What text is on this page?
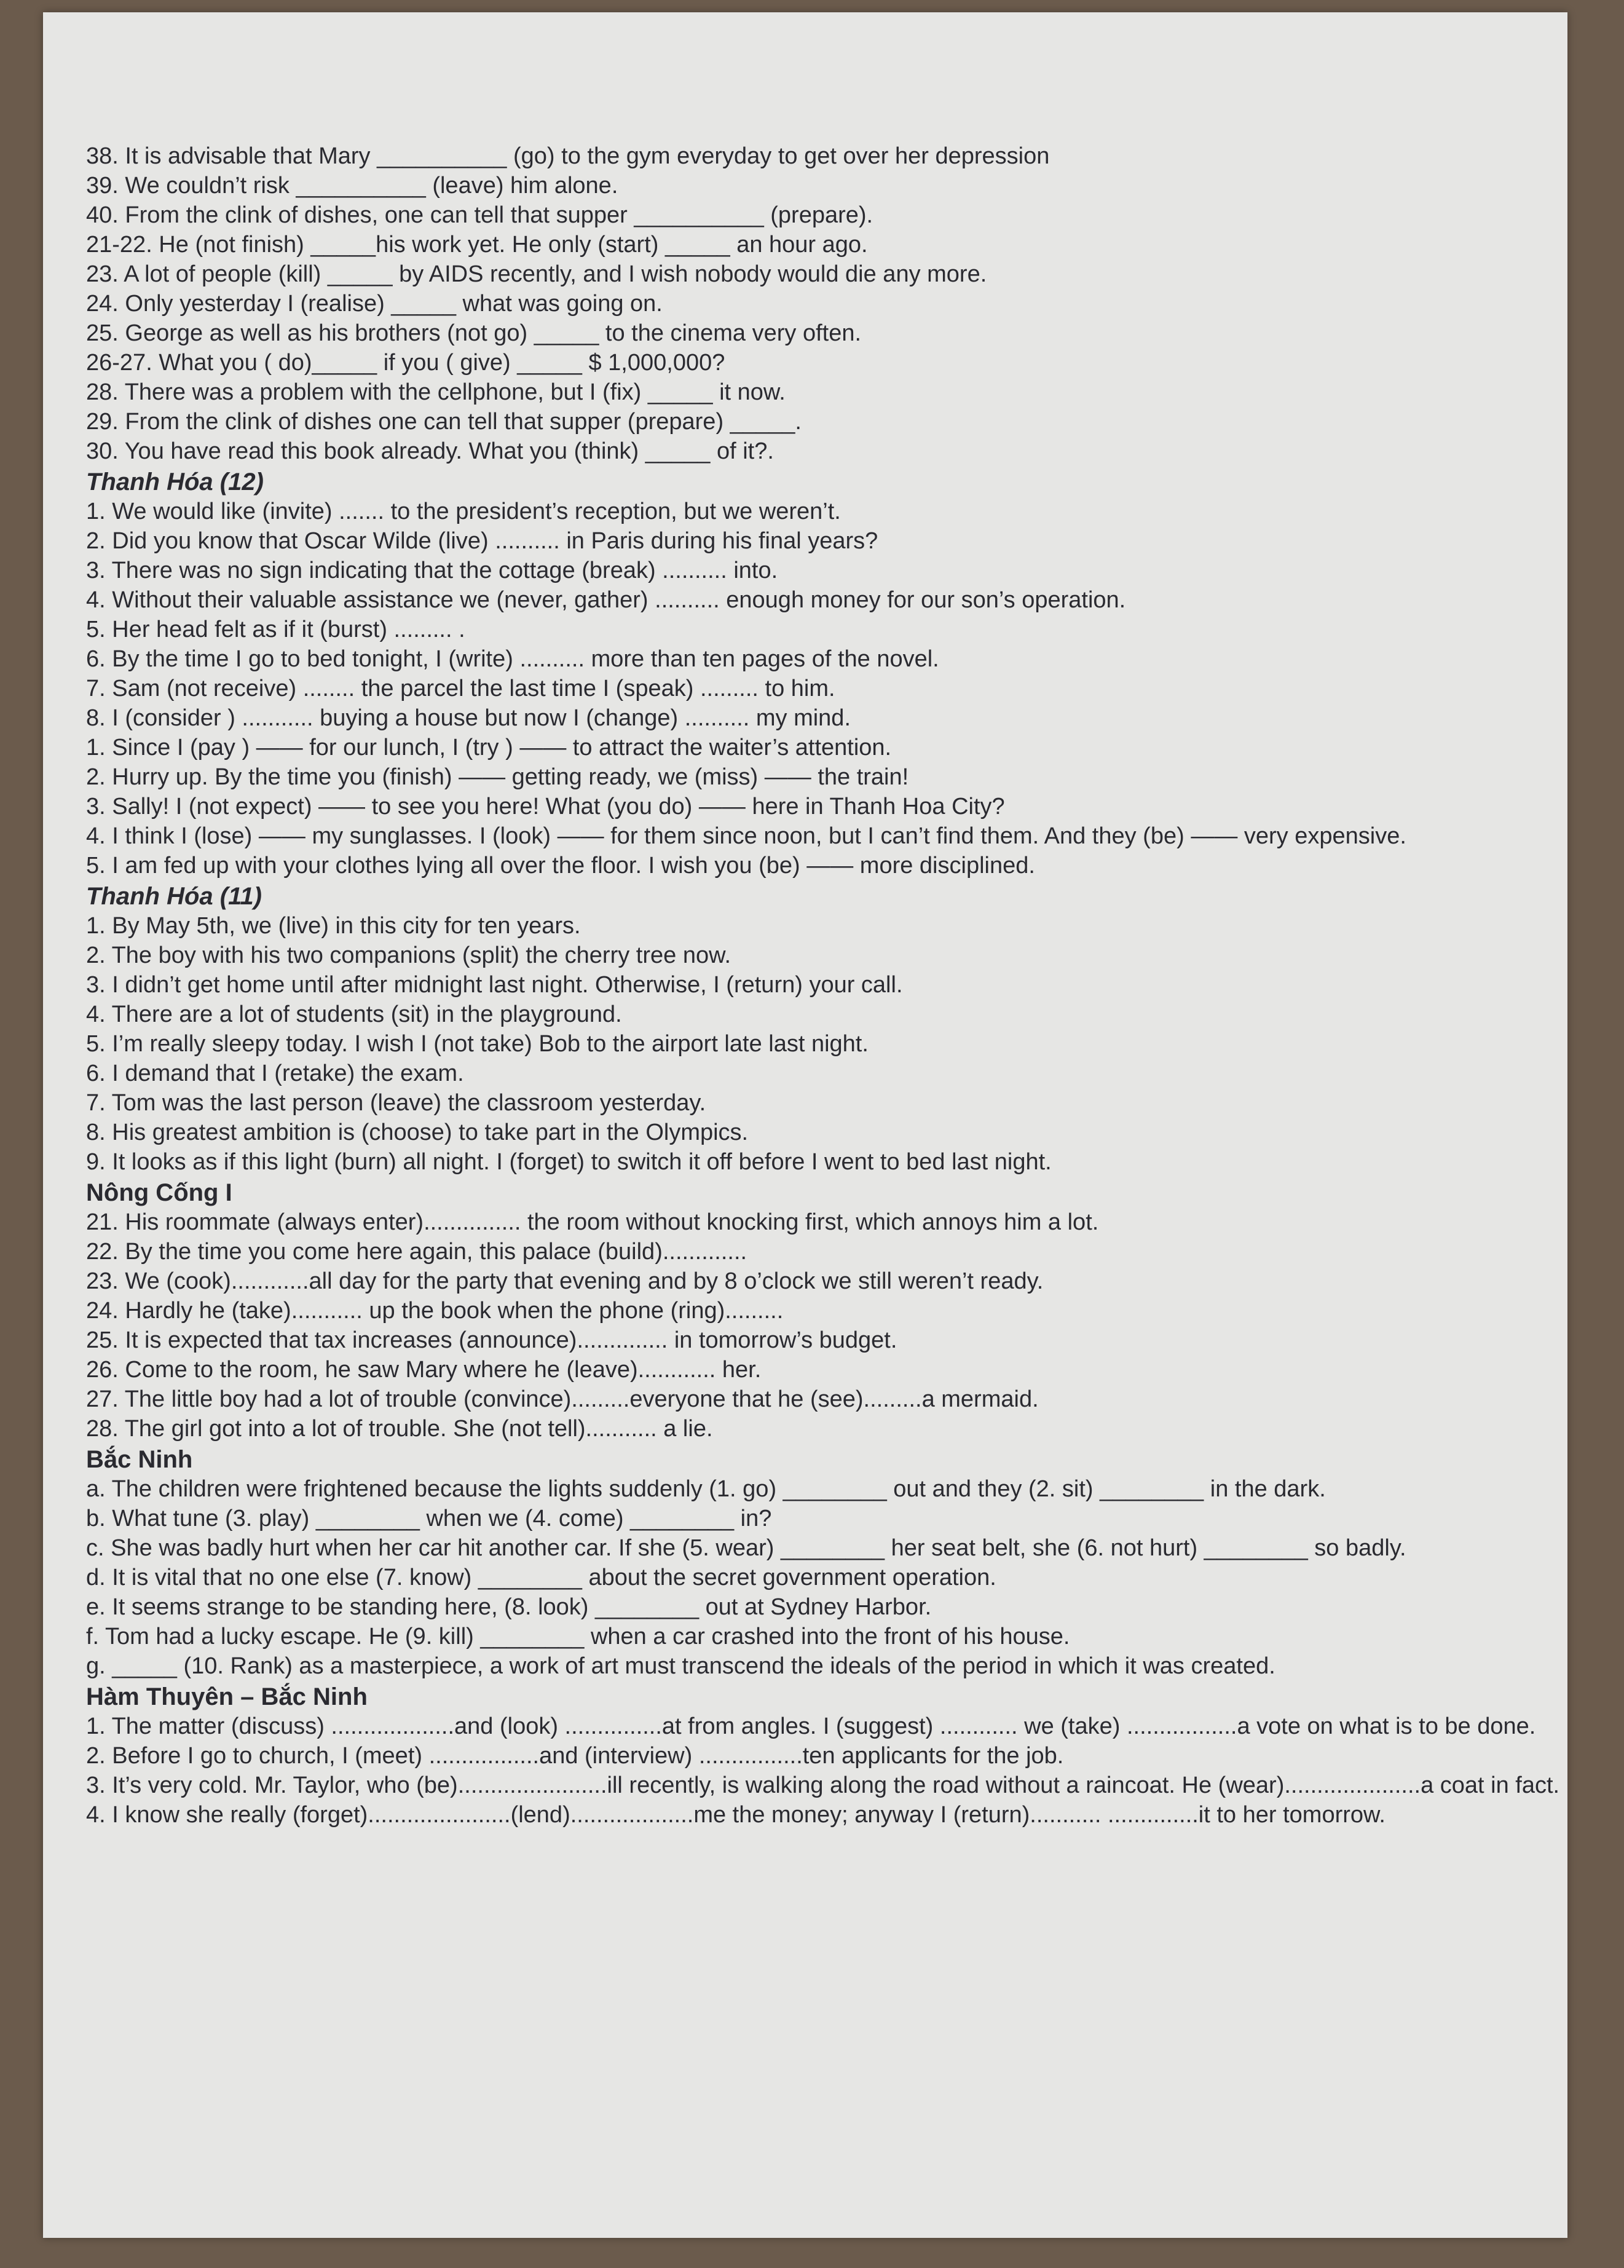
38. It is advisable that Mary __________ (go) to the gym everyday to get over her depression
39. We couldn’t risk __________ (leave) him alone.
40. From the clink of dishes, one can tell that supper __________ (prepare).
21-22. He (not finish) _____his work yet. He only (start) _____ an hour ago.
23. A lot of people (kill) _____ by AIDS recently, and I wish nobody would die any more.
24. Only yesterday I (realise) _____ what was going on.
25. George as well as his brothers (not go) _____ to the cinema very often.
26-27. What you ( do)_____ if you ( give) _____ $ 1,000,000?
28. There was a problem with the cellphone, but I (fix) _____ it now.
29. From the clink of dishes one can tell that supper (prepare) _____.
30. You have read this book already. What you (think) _____ of it?.
Thanh Hóa (12)
1. We would like (invite) ....... to the president’s reception, but we weren’t.
2. Did you know that Oscar Wilde (live) .......... in Paris during his final years?
3. There was no sign indicating that the cottage (break) .......... into.
4. Without their valuable assistance we (never, gather) .......... enough money for our son’s operation.
5. Her head felt as if it (burst) ......... .
6. By the time I go to bed tonight, I (write) .......... more than ten pages of the novel.
7. Sam (not receive) ........ the parcel the last time I (speak) ......... to him.
8. I (consider ) ........... buying a house but now I (change) .......... my mind.
1. Since I (pay ) —— for our lunch, I (try ) —— to attract the waiter’s attention.
2. Hurry up. By the time you (finish) —— getting ready, we (miss) —— the train!
3. Sally! I (not expect) —— to see you here! What (you do) —— here in Thanh Hoa City?
4. I think I (lose) —— my sunglasses. I (look) —— for them since noon, but I can’t find them. And they (be) —— very expensive.
5. I am fed up with your clothes lying all over the floor. I wish you (be) —— more disciplined.
Thanh Hóa (11)
1. By May 5th, we (live) in this city for ten years.
2. The boy with his two companions (split) the cherry tree now.
3. I didn’t get home until after midnight last night. Otherwise, I (return) your call.
4. There are a lot of students (sit) in the playground.
5. I’m really sleepy today. I wish I (not take) Bob to the airport late last night.
6. I demand that I (retake) the exam.
7. Tom was the last person (leave) the classroom yesterday.
8. His greatest ambition is (choose) to take part in the Olympics.
9. It looks as if this light (burn) all night. I (forget) to switch it off before I went to bed last night.
Nông Cống I
21. His roommate (always enter)............... the room without knocking first, which annoys him a lot.
22. By the time you come here again, this palace (build).............
23. We (cook)............all day for the party that evening and by 8 o’clock we still weren’t ready.
24. Hardly he (take)........... up the book when the phone (ring).........
25. It is expected that tax increases (announce).............. in tomorrow’s budget.
26. Come to the room, he saw Mary where he (leave)............ her.
27. The little boy had a lot of trouble (convince).........everyone that he (see).........a mermaid.
28. The girl got into a lot of trouble. She (not tell)........... a lie.
Bắc Ninh
a. The children were frightened because the lights suddenly (1. go) ________ out and they (2. sit) ________ in the dark.
b. What tune (3. play) ________ when we (4. come) ________ in?
c. She was badly hurt when her car hit another car. If she (5. wear) ________ her seat belt, she (6. not hurt) ________ so badly.
d. It is vital that no one else (7. know) ________ about the secret government operation.
e. It seems strange to be standing here, (8. look) ________ out at Sydney Harbor.
f. Tom had a lucky escape. He (9. kill) ________ when a car crashed into the front of his house.
g. _____ (10. Rank) as a masterpiece, a work of art must transcend the ideals of the period in which it was created.
Hàm Thuyên – Bắc Ninh
1. The matter (discuss) ...................and (look) ...............at from angles. I (suggest) ............ we (take) .................a vote on what is to be done.
2. Before I go to church, I (meet) .................and (interview) ................ten applicants for the job.
3. It’s very cold. Mr. Taylor, who (be).......................ill recently, is walking along the road without a raincoat. He (wear).....................a coat in fact.
4. I know she really (forget)......................(lend)...................me the money; anyway I (return)........... ..............it to her tomorrow.
